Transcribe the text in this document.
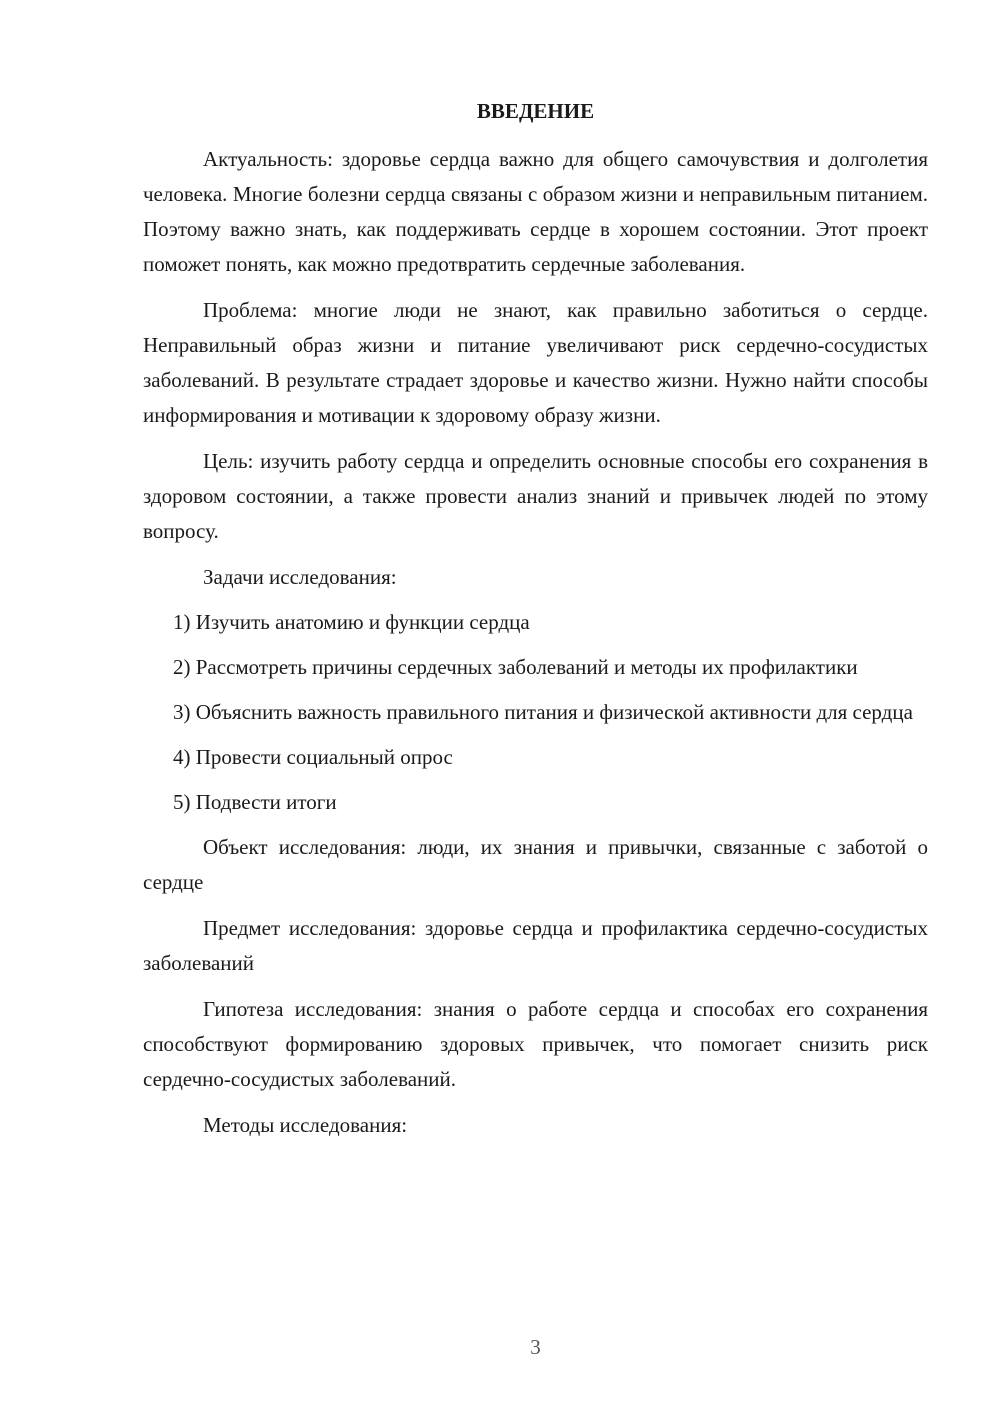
ВВЕДЕНИЕ

Актуальность: здоровье сердца важно для общего самочувствия и долголетия человека. Многие болезни сердца связаны с образом жизни и неправильным питанием. Поэтому важно знать, как поддерживать сердце в хорошем состоянии. Этот проект поможет понять, как можно предотвратить сердечные заболевания.

Проблема: многие люди не знают, как правильно заботиться о сердце. Неправильный образ жизни и питание увеличивают риск сердечно-сосудистых заболеваний. В результате страдает здоровье и качество жизни. Нужно найти способы информирования и мотивации к здоровому образу жизни.

Цель: изучить работу сердца и определить основные способы его сохранения в здоровом состоянии, а также провести анализ знаний и привычек людей по этому вопросу.

Задачи исследования:

1) Изучить анатомию и функции сердца

2) Рассмотреть причины сердечных заболеваний и методы их профилактики

3) Объяснить важность правильного питания и физической активности для сердца

4) Провести социальный опрос

5) Подвести итоги

Объект исследования: люди, их знания и привычки, связанные с заботой о сердце

Предмет исследования: здоровье сердца и профилактика сердечно-сосудистых заболеваний

Гипотеза исследования: знания о работе сердца и способах его сохранения способствуют формированию здоровых привычек, что помогает снизить риск сердечно-сосудистых заболеваний.

Методы исследования:

3
